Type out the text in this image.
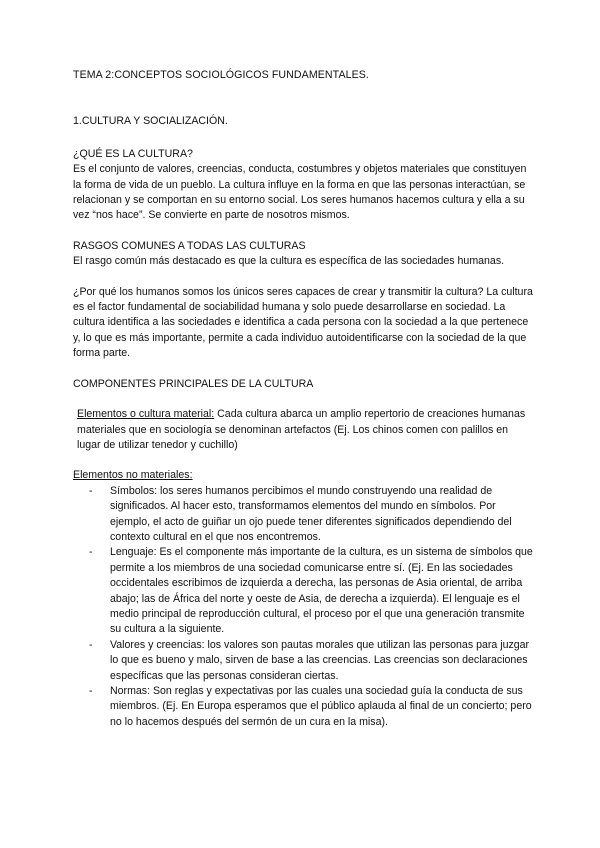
TEMA 2:CONCEPTOS SOCIOLÓGICOS FUNDAMENTALES.

1.CULTURA Y SOCIALIZACIÓN.

¿QUÉ ES LA CULTURA?

Es el conjunto de valores, creencias, conducta, costumbres y objetos materiales que constituyen la forma de vida de un pueblo. La cultura influye en la forma en que las personas interactúan, se relacionan y se comportan en su entorno social. Los seres humanos hacemos cultura y ella a su vez “nos hace”. Se convierte en parte de nosotros mismos.

RASGOS COMUNES A TODAS LAS CULTURAS

El rasgo común más destacado es que la cultura es específica de las sociedades humanas.

¿Por qué los humanos somos los únicos seres capaces de crear y transmitir la cultura? La cultura es el factor fundamental de sociabilidad humana y solo puede desarrollarse en sociedad. La cultura identifica a las sociedades e identifica a cada persona con la sociedad a la que pertenece y, lo que es más importante, permite a cada individuo autoidentificarse con la sociedad de la que forma parte.

COMPONENTES PRINCIPALES DE LA CULTURA

Elementos o cultura material: Cada cultura abarca un amplio repertorio de creaciones humanas materiales que en sociología se denominan artefactos (Ej. Los chinos comen con palillos en lugar de utilizar tenedor y cuchillo)

Elementos no materiales:

- Símbolos: los seres humanos percibimos el mundo construyendo una realidad de significados. Al hacer esto, transformamos elementos del mundo en símbolos. Por ejemplo, el acto de guiñar un ojo puede tener diferentes significados dependiendo del contexto cultural en el que nos encontremos.
- Lenguaje: Es el componente más importante de la cultura, es un sistema de símbolos que permite a los miembros de una sociedad comunicarse entre sí. (Ej. En las sociedades occidentales escribimos de izquierda a derecha, las personas de Asia oriental, de arriba abajo; las de África del norte y oeste de Asia, de derecha a izquierda). El lenguaje es el medio principal de reproducción cultural, el proceso por el que una generación transmite su cultura a la siguiente.
- Valores y creencias: los valores son pautas morales que utilizan las personas para juzgar lo que es bueno y malo, sirven de base a las creencias. Las creencias son declaraciones específicas que las personas consideran ciertas.
- Normas: Son reglas y expectativas por las cuales una sociedad guía la conducta de sus miembros. (Ej. En Europa esperamos que el público aplauda al final de un concierto; pero no lo hacemos después del sermón de un cura en la misa).
